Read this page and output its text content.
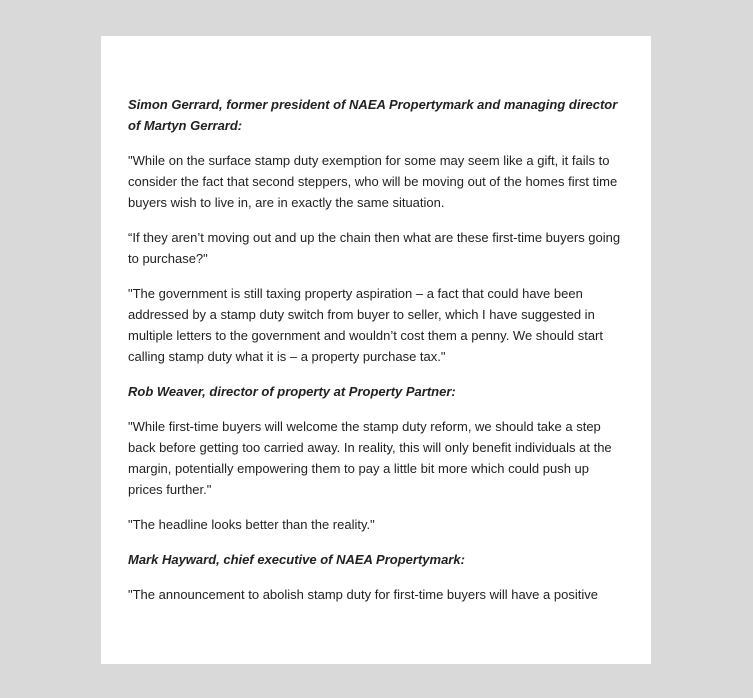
Simon Gerrard, former president of NAEA Propertymark and managing director of Martyn Gerrard:

"While on the surface stamp duty exemption for some may seem like a gift, it fails to consider the fact that second steppers, who will be moving out of the homes first time buyers wish to live in, are in exactly the same situation.

“If they aren’t moving out and up the chain then what are these first-time buyers going to purchase?"

"The government is still taxing property aspiration – a fact that could have been addressed by a stamp duty switch from buyer to seller, which I have suggested in multiple letters to the government and wouldn’t cost them a penny. We should start calling stamp duty what it is – a property purchase tax."

Rob Weaver, director of property at Property Partner:

"While first-time buyers will welcome the stamp duty reform, we should take a step back before getting too carried away. In reality, this will only benefit individuals at the margin, potentially empowering them to pay a little bit more which could push up prices further."

"The headline looks better than the reality."

Mark Hayward, chief executive of NAEA Propertymark:

"The announcement to abolish stamp duty for first-time buyers will have a positive
